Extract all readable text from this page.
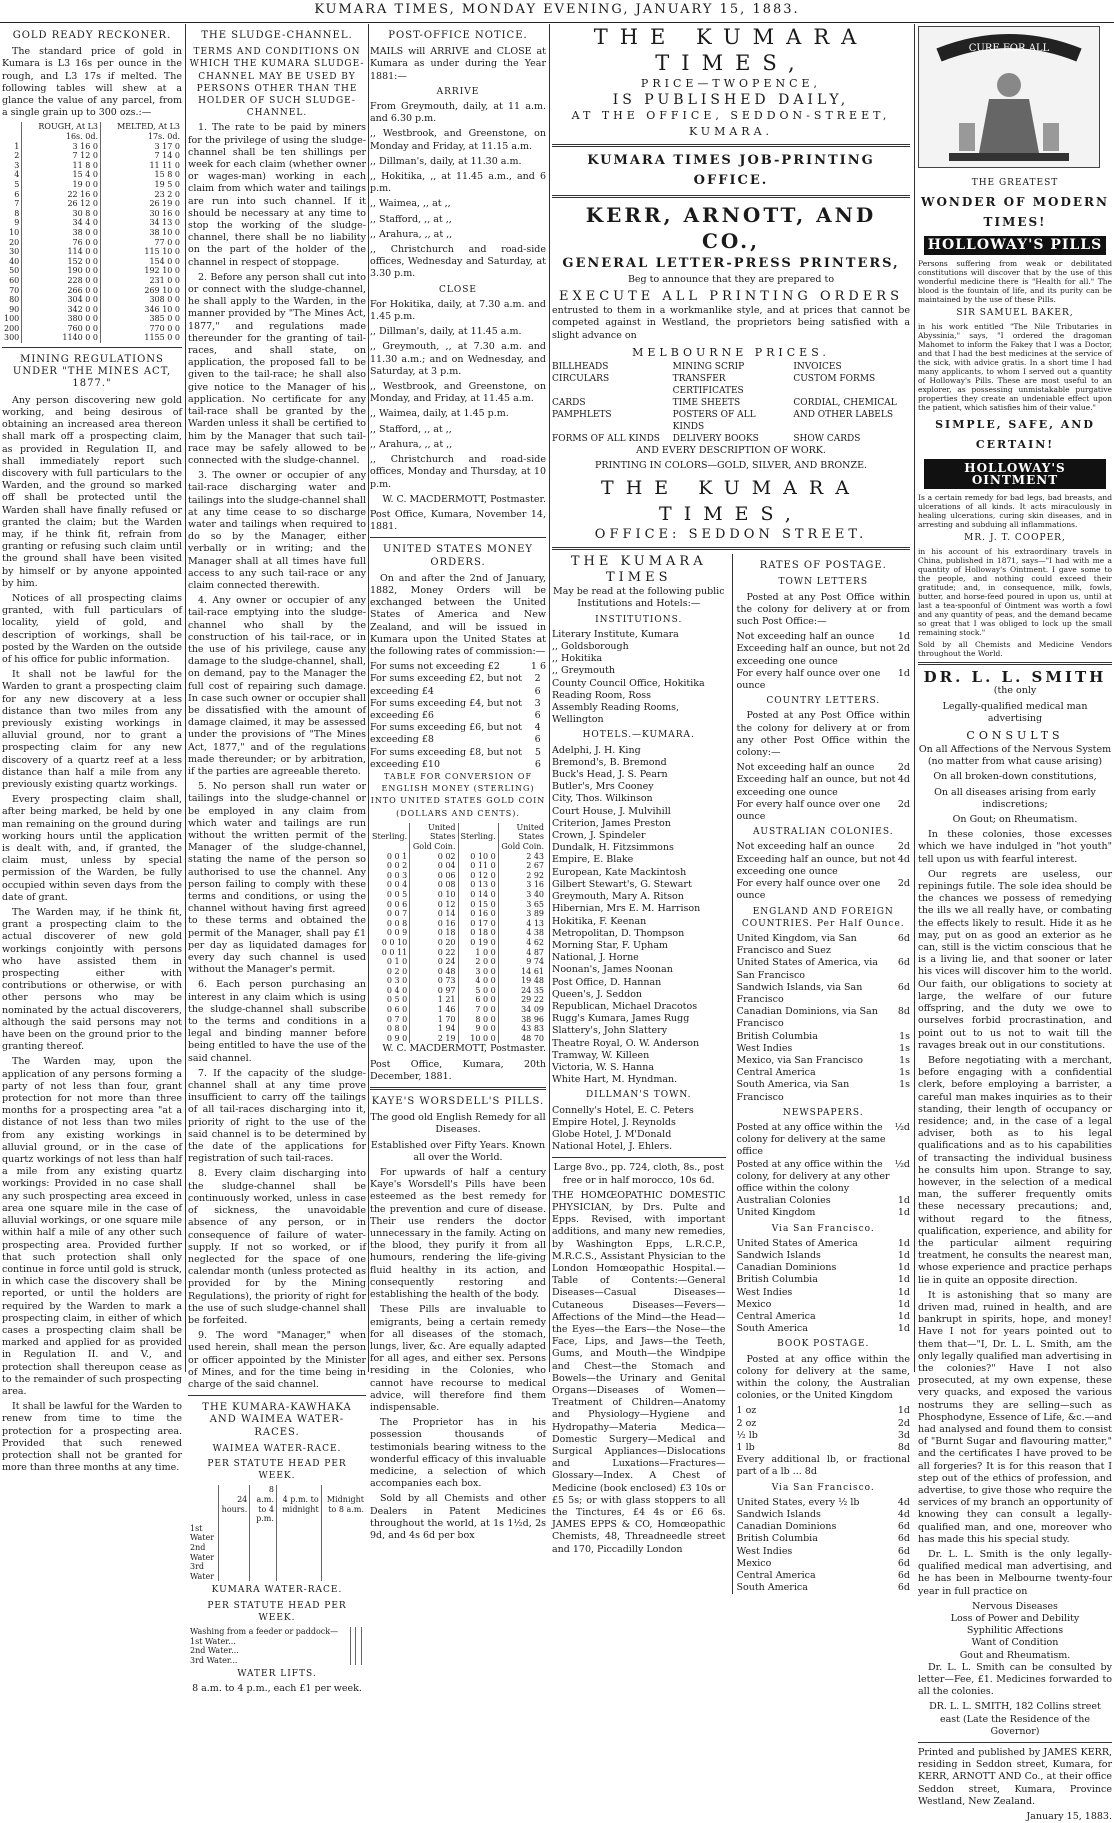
KUMARA TIMES, MONDAY EVENING, JANUARY 15, 1883.
GOLD READY RECKONER.

The standard price of gold in Kumara is L3 16s per ounce in the rough, and L3 17s if melted. The following tables will shew at a glance the value of any parcel, from a single grain up to 300 ozs.:—

	ROUGH, At L3 16s. 0d.	MELTED, At L3 17s. 0d.
1	3 16 0	3 17 0
2	7 12 0	7 14 0
3	11 8 0	11 11 0
4	15 4 0	15 8 0
5	19 0 0	19 5 0
6	22 16 0	23 2 0
7	26 12 0	26 19 0
8	30 8 0	30 16 0
9	34 4 0	34 13 0
10	38 0 0	38 10 0
20	76 0 0	77 0 0
30	114 0 0	115 10 0
40	152 0 0	154 0 0
50	190 0 0	192 10 0
60	228 0 0	231 0 0
70	266 0 0	269 10 0
80	304 0 0	308 0 0
90	342 0 0	346 10 0
100	380 0 0	385 0 0
200	760 0 0	770 0 0
300	1140 0 0	1155 0 0
MINING REGULATIONS UNDER "THE MINES ACT, 1877."

Any person discovering new gold working, and being desirous of obtaining an increased area thereon shall mark off a prospecting claim, as provided in Regulation II, and shall immediately report such discovery with full particulars to the Warden, and the ground so marked off shall be protected until the Warden shall have finally refused or granted the claim; but the Warden may, if he think fit, refrain from granting or refusing such claim until the ground shall have been visited by himself or by anyone appointed by him.

Notices of all prospecting claims granted, with full particulars of locality, yield of gold, and description of workings, shall be posted by the Warden on the outside of his office for public information.

It shall not be lawful for the Warden to grant a prospecting claim for any new discovery at a less distance than two miles from any previously existing workings in alluvial ground, nor to grant a prospecting claim for any new discovery of a quartz reef at a less distance than half a mile from any previously existing quartz workings.

Every prospecting claim shall, after being marked, be held by one man remaining on the ground during working hours until the application is dealt with, and, if granted, the claim must, unless by special permission of the Warden, be fully occupied within seven days from the date of grant.

The Warden may, if he think fit, grant a prospecting claim to the actual discoverer of new gold workings conjointly with persons who have assisted them in prospecting either with contributions or otherwise, or with other persons who may be nominated by the actual discoverers, although the said persons may not have been on the ground prior to the granting thereof.

The Warden may, upon the application of any persons forming a party of not less than four, grant protection for not more than three months for a prospecting area "at a distance of not less than two miles from any existing workings in alluvial ground, or in the case of quartz workings of not less than half a mile from any existing quartz workings: Provided in no case shall any such prospecting area exceed in area one square mile in the case of alluvial workings, or one square mile within half a mile of any other such prospecting area. Provided further that such protection shall only continue in force until gold is struck, in which case the discovery shall be reported, or until the holders are required by the Warden to mark a prospecting claim, in either of which cases a prospecting claim shall be marked and applied for as provided in Regulation II. and V., and protection shall thereupon cease as to the remainder of such prospecting area.

It shall be lawful for the Warden to renew from time to time the protection for a prospecting area. Provided that such renewed protection shall not be granted for more than three months at any time.

THE SLUDGE-CHANNEL.

TERMS AND CONDITIONS ON WHICH THE KUMARA SLUDGE-CHANNEL MAY BE USED BY PERSONS OTHER THAN THE HOLDER OF SUCH SLUDGE-CHANNEL.

1. The rate to be paid by miners for the privilege of using the sludge-channel shall be ten shillings per week for each claim (whether owner or wages-man) working in each claim from which water and tailings are run into such channel. If it should be necessary at any time to stop the working of the sludge-channel, there shall be no liability on the part of the holder of the channel in respect of stoppage.

2. Before any person shall cut into or connect with the sludge-channel, he shall apply to the Warden, in the manner provided by "The Mines Act, 1877," and regulations made thereunder for the granting of tail-races, and shall state, on application, the proposed fall to be given to the tail-race; he shall also give notice to the Manager of his application. No certificate for any tail-race shall be granted by the Warden unless it shall be certified to him by the Manager that such tail-race may be safely allowed to be connected with the sludge-channel.

3. The owner or occupier of any tail-race discharging water and tailings into the sludge-channel shall at any time cease to so discharge water and tailings when required to do so by the Manager, either verbally or in writing; and the Manager shall at all times have full access to any such tail-race or any claim connected therewith.

4. Any owner or occupier of any tail-race emptying into the sludge-channel who shall by the construction of his tail-race, or in the use of his privilege, cause any damage to the sludge-channel, shall, on demand, pay to the Manager the full cost of repairing such damage. In case such owner or occupier shall be dissatisfied with the amount of damage claimed, it may be assessed under the provisions of "The Mines Act, 1877," and of the regulations made thereunder; or by arbitration, if the parties are agreeable thereto.

5. No person shall run water or tailings into the sludge-channel or be employed in any claim from which water and tailings are run without the written permit of the Manager of the sludge-channel, stating the name of the person so authorised to use the channel. Any person failing to comply with these terms and conditions, or using the channel without having first agreed to these terms and obtained the permit of the Manager, shall pay £1 per day as liquidated damages for every day such channel is used without the Manager's permit.

6. Each person purchasing an interest in any claim which is using the sludge-channel shall subscribe to the terms and conditions in a legal and binding manner before being entitled to have the use of the said channel.

7. If the capacity of the sludge-channel shall at any time prove insufficient to carry off the tailings of all tail-races discharging into it, priority of right to the use of the said channel is to be determined by the date of the applications for registration of such tail-races.

8. Every claim discharging into the sludge-channel shall be continuously worked, unless in case of sickness, the unavoidable absence of any person, or in consequence of failure of water-supply. If not so worked, or if neglected for the space of one calendar month (unless protected as provided for by the Mining Regulations), the priority of right for the use of such sludge-channel shall be forfeited.

9. The word "Manager," when used herein, shall mean the person or officer appointed by the Minister of Mines, and for the time being in charge of the said channel.

THE KUMARA-KAWHAKA AND WAIMEA WATER-RACES.
WAIMEA WATER-RACE.
PER STATUTE HEAD PER WEEK.
	24 hours.	8 a.m. to 4 p.m.	4 p.m. to midnight	Midnight to 8 a.m.
1st Water				
2nd Water				
3rd Water				
KUMARA WATER-RACE.
PER STATUTE HEAD PER WEEK.
Washing from a feeder or paddock—			
1st Water...			
2nd Water...			
3rd Water...			
WATER LIFTS.

8 a.m. to 4 p.m., each £1 per week.

POST-OFFICE NOTICE.

MAILS will ARRIVE and CLOSE at Kumara as under during the Year 1881:—

ARRIVE

From Greymouth, daily, at 11 a.m. and 6.30 p.m.

,, Westbrook, and Greenstone, on Monday and Friday, at 11.15 a.m.

,, Dillman's, daily, at 11.30 a.m.

,, Hokitika, ,, at 11.45 a.m., and 6 p.m.

,, Waimea, ,, at ,,

,, Stafford, ,, at ,,

,, Arahura, ,, at ,,

,, Christchurch and road-side offices, Wednesday and Saturday, at 3.30 p.m.

CLOSE

For Hokitika, daily, at 7.30 a.m. and 1.45 p.m.

,, Dillman's, daily, at 11.45 a.m.

,, Greymouth, ,, at 7.30 a.m. and 11.30 a.m.; and on Wednesday, and Saturday, at 3 p.m.

,, Westbrook, and Greenstone, on Monday, and Friday, at 11.45 a.m.

,, Waimea, daily, at 1.45 p.m.

,, Stafford, ,, at ,,

,, Arahura, ,, at ,,

,, Christchurch and road-side offices, Monday and Thursday, at 10 p.m.

W. C. MACDERMOTT, Postmaster.

Post Office, Kumara, November 14, 1881.

UNITED STATES MONEY ORDERS.

On and after the 2nd of January, 1882, Money Orders will be exchanged between the United States of America and New Zealand, and will be issued in Kumara upon the United States at the following rates of commission:—

For sums not exceeding £2	1 6
For sums exceeding £2, but not exceeding £4
2 6
For sums exceeding £4, but not exceeding £6
3 6
For sums exceeding £6, but not exceeding £8
4 6
For sums exceeding £8, but not exceeding £10
5 6

TABLE FOR CONVERSION OF ENGLISH MONEY (STERLING) INTO UNITED STATES GOLD COIN (DOLLARS AND CENTS).

Sterling.	United States Gold Coin.	Sterling.	United States Gold Coin.
0 0 1	0 02	0 10 0	2 43
0 0 2	0 04	0 11 0	2 67
0 0 3	0 06	0 12 0	2 92
0 0 4	0 08	0 13 0	3 16
0 0 5	0 10	0 14 0	3 40
0 0 6	0 12	0 15 0	3 65
0 0 7	0 14	0 16 0	3 89
0 0 8	0 16	0 17 0	4 13
0 0 9	0 18	0 18 0	4 38
0 0 10	0 20	0 19 0	4 62
0 0 11	0 22	1 0 0	4 87
0 1 0	0 24	2 0 0	9 74
0 2 0	0 48	3 0 0	14 61
0 3 0	0 73	4 0 0	19 48
0 4 0	0 97	5 0 0	24 35
0 5 0	1 21	6 0 0	29 22
0 6 0	1 46	7 0 0	34 09
0 7 0	1 70	8 0 0	38 96
0 8 0	1 94	9 0 0	43 83
0 9 0	2 19	10 0 0	48 70

W. C. MACDERMOTT, Postmaster.

Post Office, Kumara, 20th December, 1881.

KAYE'S WORSDELL'S PILLS.

The good old English Remedy for all Diseases.

Established over Fifty Years. Known all over the World.

For upwards of half a century Kaye's Worsdell's Pills have been esteemed as the best remedy for the prevention and cure of disease. Their use renders the doctor unnecessary in the family. Acting on the blood, they purify it from all humours, rendering the life-giving fluid healthy in its action, and consequently restoring and establishing the health of the body.

These Pills are invaluable to emigrants, being a certain remedy for all diseases of the stomach, lungs, liver, &c. Are equally adapted for all ages, and either sex. Persons residing in the Colonies, who cannot have recourse to medical advice, will therefore find them indispensable.

The Proprietor has in his possession thousands of testimonials bearing witness to the wonderful efficacy of this invaluable medicine, a selection of which accompanies each box.

Sold by all Chemists and other Dealers in Patent Medicines throughout the world, at 1s 1½d, 2s 9d, and 4s 6d per box

THE KUMARA TIMES,
PRICE—TWOPENCE,
IS PUBLISHED DAILY,
AT THE OFFICE, SEDDON-STREET,
KUMARA.
KUMARA TIMES JOB-PRINTING OFFICE.
KERR, ARNOTT, AND CO.,
GENERAL LETTER-PRESS PRINTERS,

Beg to announce that they are prepared to

EXECUTE ALL PRINTING ORDERS

entrusted to them in a workmanlike style, and at prices that cannot be competed against in Westland, the proprietors being satisfied with a slight advance on

MELBOURNE PRICES.
BILLHEADS	MINING SCRIP	INVOICES
CIRCULARS	TRANSFER CERTIFICATES
CUSTOM FORMS
CARDS	TIME SHEETS	CORDIAL, CHEMICAL
PAMPHLETS	POSTERS OF ALL KINDS
AND OTHER LABELS
FORMS OF ALL KINDS	DELIVERY BOOKS	SHOW CARDS

AND EVERY DESCRIPTION OF WORK.

PRINTING IN COLORS—GOLD, SILVER, AND BRONZE.

THE KUMARA TIMES,
OFFICE: SEDDON STREET.
THE KUMARA TIMES

May be read at the following public Institutions and Hotels:—

INSTITUTIONS.
Literary Institute, Kumara
,, Goldsborough
,, Hokitika
,, Greymouth
County Council Office, Hokitika
Reading Room, Ross
Assembly Reading Rooms, Wellington
HOTELS.—KUMARA.
Adelphi, J. H. King
Bremond's, B. Bremond
Buck's Head, J. S. Pearn
Butler's, Mrs Cooney
City, Thos. Wilkinson
Court House, J. Mulvihill
Criterion, James Preston
Crown, J. Spindeler
Dundalk, H. Fitzsimmons
Empire, E. Blake
European, Kate Mackintosh
Gilbert Stewart's, G. Stewart
Greymouth, Mary A. Ritson
Hibernian, Mrs E. M. Harrison
Hokitika, F. Keenan
Metropolitan, D. Thompson
Morning Star, F. Upham
National, J. Horne
Noonan's, James Noonan
Post Office, D. Hannan
Queen's, J. Seddon
Republican, Michael Dracotos
Rugg's Kumara, James Rugg
Slattery's, John Slattery
Theatre Royal, O. W. Anderson
Tramway, W. Killeen
Victoria, W. S. Hanna
White Hart, M. Hyndman.
DILLMAN'S TOWN.
Connelly's Hotel, E. C. Peters
Empire Hotel, J. Reynolds
Globe Hotel, J. M'Donald
National Hotel, J. Ehlers.

Large 8vo., pp. 724, cloth, 8s., post free or in half morocco, 10s 6d.

THE HOMŒOPATHIC DOMESTIC PHYSICIAN, by Drs. Pulte and Epps. Revised, with important additions, and many new remedies, by Washington Epps, L.R.C.P., M.R.C.S., Assistant Physician to the London Homœopathic Hospital.—Table of Contents:—General Diseases—Casual Diseases—Cutaneous Diseases—Fevers—Affections of the Mind—the Head—the Eyes—the Ears—the Nose—the Face, Lips, and Jaws—the Teeth, Gums, and Mouth—the Windpipe and Chest—the Stomach and Bowels—the Urinary and Genital Organs—Diseases of Women—Treatment of Children—Anatomy and Physiology—Hygiene and Hydropathy—Materia Medica—Domestic Surgery—Medical and Surgical Appliances—Dislocations and Luxations—Fractures—Glossary—Index. A Chest of Medicine (book enclosed) £3 10s or £5 5s; or with glass stoppers to all the Tinctures, £4 4s or £6 6s. JAMES EPPS & CO, Homœopathic Chemists, 48, Threadneedle street and 170, Piccadilly London

RATES OF POSTAGE.
TOWN LETTERS

Posted at any Post Office within the colony for delivery at or from such Post Office:—

Not exceeding half an ounce 1d
Exceeding half an ounce, but not exceeding one ounce
2d
For every half ounce over one ounce
1d
COUNTRY LETTERS.

Posted at any Post Office within the colony for delivery at or from any other Post Office within the colony:—

Not exceeding half an ounce 2d
Exceeding half an ounce, but not exceeding one ounce
4d
For every half ounce over one ounce
2d
AUSTRALIAN COLONIES.
Not exceeding half an ounce 2d
Exceeding half an ounce, but not exceeding one ounce
4d
For every half ounce over one ounce
2d
ENGLAND AND FOREIGN COUNTRIES. Per Half Ounce.
United Kingdom, via San Francisco and Suez
6d
United States of America, via San Francisco
6d
Sandwich Islands, via San Francisco
6d
Canadian Dominions, via San Francisco
8d
British Columbia	1s
West Indies	1s
Mexico, via San Francisco	1s
Central America	1s
South America, via San Francisco
1s
NEWSPAPERS.
Posted at any office within the colony for delivery at the same office
½d
Posted at any office within the colony, for delivery at any other office within the colony
½d
Australian Colonies	1d
United Kingdom	1d
Via San Francisco.
United States of America	1d
Sandwich Islands	1d
Canadian Dominions	1d
British Columbia	1d
West Indies	1d
Mexico	1d
Central America	1d
South America	1d
BOOK POSTAGE.

Posted at any office within the colony for delivery at the same, within the colony, the Australian colonies, or the United Kingdom

1 oz	1d
2 oz	2d
½ lb	3d
1 lb	8d

Every additional lb, or fractional part of a lb ... 8d

Via San Francisco.
United States, every ½ lb	4d
Sandwich Islands	4d
Canadian Dominions	6d
British Columbia	6d
West Indies	6d
Mexico	6d
Central America	6d
South America	6d
CURE FOR ALL
THE GREATEST
WONDER OF MODERN TIMES!
HOLLOWAY'S PILLS

Persons suffering from weak or debilitated constitutions will discover that by the use of this wonderful medicine there is "Health for all." The blood is the fountain of life, and its purity can be maintained by the use of these Pills.

SIR SAMUEL BAKER,

in his work entitled "The Nile Tributaries in Abyssinia," says, "I ordered the dragoman Mahomet to inform the Fakey that I was a Doctor, and that I had the best medicines at the service of the sick, with advice gratis. In a short time I had many applicants, to whom I served out a quantity of Holloway's Pills. These are most useful to an explorer, as possessing unmistakable purgative properties they create an undeniable effect upon the patient, which satisfies him of their value."

SIMPLE, SAFE, AND CERTAIN!
HOLLOWAY'S OINTMENT

Is a certain remedy for bad legs, bad breasts, and ulcerations of all kinds. It acts miraculously in healing ulcerations, curing skin diseases, and in arresting and subduing all inflammations.

MR. J. T. COOPER,

in his account of his extraordinary travels in China, published in 1871, says—"I had with me a quantity of Holloway's Ointment. I gave some to the people, and nothing could exceed their gratitude; and, in consequence, milk, fowls, butter, and horse-feed poured in upon us, until at last a tea-spoonful of Ointment was worth a fowl and any quantity of peas, and the demand became so great that I was obliged to lock up the small remaining stock."

Sold by all Chemists and Medicine Vendors throughout the World.

DR. L. L. SMITH

(the only

Legally-qualified medical man advertising

CONSULTS

On all Affections of the Nervous System (no matter from what cause arising)

On all broken-down constitutions,

On all diseases arising from early indiscretions;

On Gout; on Rheumatism.

In these colonies, those excesses which we have indulged in "hot youth" tell upon us with fearful interest.

Our regrets are useless, our repinings futile. The sole idea should be the chances we possess of remedying the ills we all really have, or combating the effects likely to result. Hide it as he may, put on as good an exterior as he can, still is the victim conscious that he is a living lie, and that sooner or later his vices will discover him to the world. Our faith, our obligations to society at large, the welfare of our future offspring, and the duty we owe to ourselves forbid procrastination, and point out to us not to wait till the ravages break out in our constitutions.

Before negotiating with a merchant, before engaging with a confidential clerk, before employing a barrister, a careful man makes inquiries as to their standing, their length of occupancy or residence; and, in the case of a legal adviser, both as to his legal qualifications and as to his capabilities of transacting the individual business he consults him upon. Strange to say, however, in the selection of a medical man, the sufferer frequently omits these necessary precautions; and, without regard to the fitness, qualification, experience, and ability for the particular ailment requiring treatment, he consults the nearest man, whose experience and practice perhaps lie in quite an opposite direction.

It is astonishing that so many are driven mad, ruined in health, and are bankrupt in spirits, hope, and money! Have I not for years pointed out to them that—"I, Dr. L. L. Smith, am the only legally qualified man advertising in the colonies?" Have I not also prosecuted, at my own expense, these very quacks, and exposed the various nostrums they are selling—such as Phosphodyne, Essence of Life, &c.—and had analysed and found them to consist of "Burnt Sugar and flavouring matter," and the certificates I have proved to be all forgeries? It is for this reason that I step out of the ethics of profession, and advertise, to give those who require the services of my branch an opportunity of knowing they can consult a legally-qualified man, and one, moreover who has made this his special study.

Dr. L. L. Smith is the only legally-qualified medical man advertising, and he has been in Melbourne twenty-four year in full practice on

Nervous Diseases
Loss of Power and Debility
Syphilitic Affections
Want of Condition
Gout and Rheumatism.

Dr. L. L. Smith can be consulted by letter—Fee, £1. Medicines forwarded to all the colonies.

DR. L. L. SMITH, 182 Collins street east (Late the Residence of the Governor)

Printed and published by JAMES KERR, residing in Seddon street, Kumara, for KERR, ARNOTT AND Co., at their office Seddon street, Kumara, Province Westland, New Zealand.

January 15, 1883.
